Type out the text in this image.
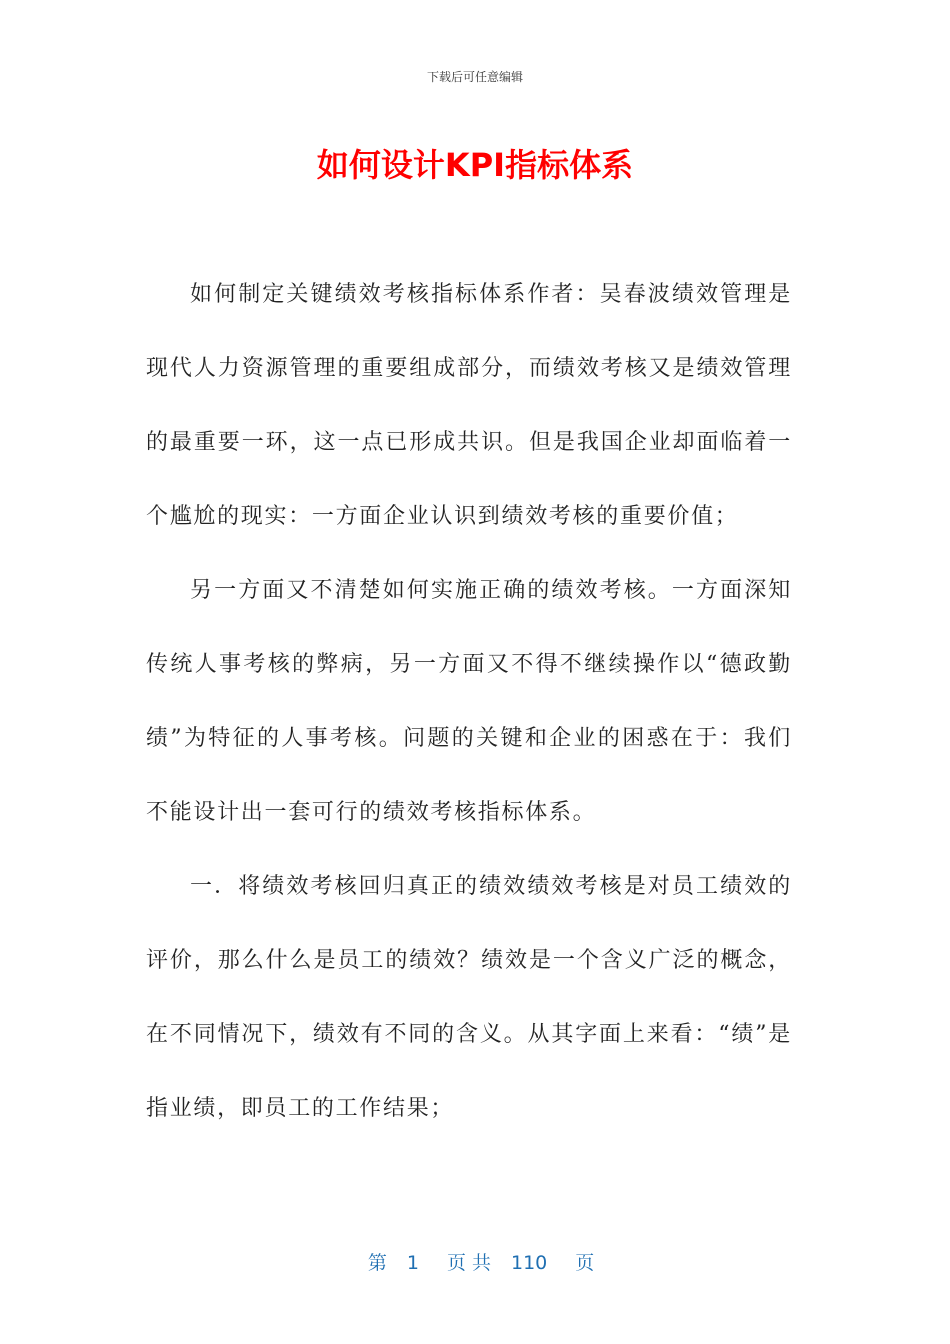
下载后可任意编辑
如何设计KPI指标体系

如何制定关键绩效考核指标体系作者：吴春波绩效管理是现代人力资源管理的重要组成部分，而绩效考核又是绩效管理的最重要一环，这一点已形成共识。但是我国企业却面临着一个尴尬的现实：一方面企业认识到绩效考核的重要价值；

另一方面又不清楚如何实施正确的绩效考核。一方面深知传统人事考核的弊病，另一方面又不得不继续操作以“德政勤绩”为特征的人事考核。问题的关键和企业的困惑在于：我们不能设计出一套可行的绩效考核指标体系。

一．将绩效考核回归真正的绩效绩效考核是对员工绩效的评价，那么什么是员工的绩效？绩效是一个含义广泛的概念，在不同情况下，绩效有不同的含义。从其字面上来看：“绩”是指业绩，即员工的工作结果；

第 1 页 共 110 页
